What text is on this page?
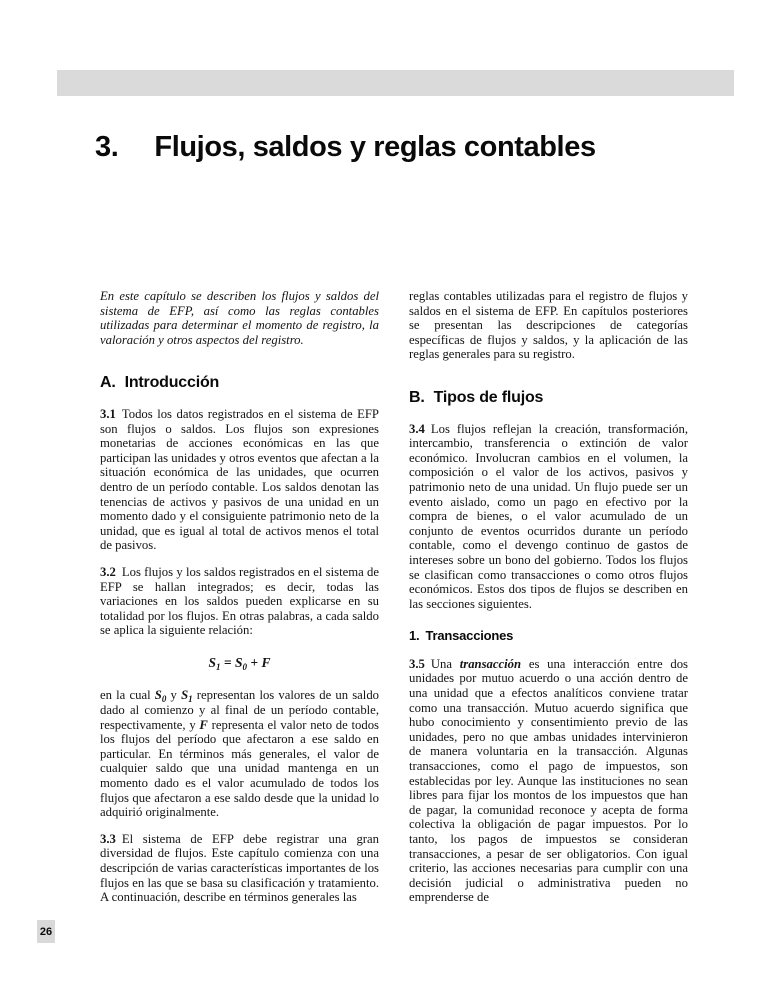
3. Flujos, saldos y reglas contables

En este capítulo se describen los flujos y saldos del sistema de EFP, así como las reglas contables utilizadas para determinar el momento de registro, la valoración y otros aspectos del registro.

A. Introducción

3.1 Todos los datos registrados en el sistema de EFP son flujos o saldos. Los flujos son expresiones monetarias de acciones económicas en las que participan las unidades y otros eventos que afectan a la situación económica de las unidades, que ocurren dentro de un período contable. Los saldos denotan las tenencias de activos y pasivos de una unidad en un momento dado y el consiguiente patrimonio neto de la unidad, que es igual al total de activos menos el total de pasivos.

3.2 Los flujos y los saldos registrados en el sistema de EFP se hallan integrados; es decir, todas las variaciones en los saldos pueden explicarse en su totalidad por los flujos. En otras palabras, a cada saldo se aplica la siguiente relación:

$S_1 = S_0 + F$

en la cual $S_0$ y $S_1$ representan los valores de un saldo dado al comienzo y al final de un período contable, respectivamente, y F representa el valor neto de todos los flujos del período que afectaron a ese saldo en particular. En términos más generales, el valor de cualquier saldo que una unidad mantenga en un momento dado es el valor acumulado de todos los flujos que afectaron a ese saldo desde que la unidad lo adquirió originalmente.

3.3 El sistema de EFP debe registrar una gran diversidad de flujos. Este capítulo comienza con una descripción de varias características importantes de los flujos en las que se basa su clasificación y tratamiento. A continuación, describe en términos generales las

reglas contables utilizadas para el registro de flujos y saldos en el sistema de EFP. En capítulos posteriores se presentan las descripciones de categorías específicas de flujos y saldos, y la aplicación de las reglas generales para su registro.

B. Tipos de flujos

3.4 Los flujos reflejan la creación, transformación, intercambio, transferencia o extinción de valor económico. Involucran cambios en el volumen, la composición o el valor de los activos, pasivos y patrimonio neto de una unidad. Un flujo puede ser un evento aislado, como un pago en efectivo por la compra de bienes, o el valor acumulado de un conjunto de eventos ocurridos durante un período contable, como el devengo continuo de gastos de intereses sobre un bono del gobierno. Todos los flujos se clasifican como transacciones o como otros flujos económicos. Estos dos tipos de flujos se describen en las secciones siguientes.

1. Transacciones

3.5 Una transacción es una interacción entre dos unidades por mutuo acuerdo o una acción dentro de una unidad que a efectos analíticos conviene tratar como una transacción. Mutuo acuerdo significa que hubo conocimiento y consentimiento previo de las unidades, pero no que ambas unidades intervinieron de manera voluntaria en la transacción. Algunas transacciones, como el pago de impuestos, son establecidas por ley. Aunque las instituciones no sean libres para fijar los montos de los impuestos que han de pagar, la comunidad reconoce y acepta de forma colectiva la obligación de pagar impuestos. Por lo tanto, los pagos de impuestos se consideran transacciones, a pesar de ser obligatorios. Con igual criterio, las acciones necesarias para cumplir con una decisión judicial o administrativa pueden no emprenderse de

26
